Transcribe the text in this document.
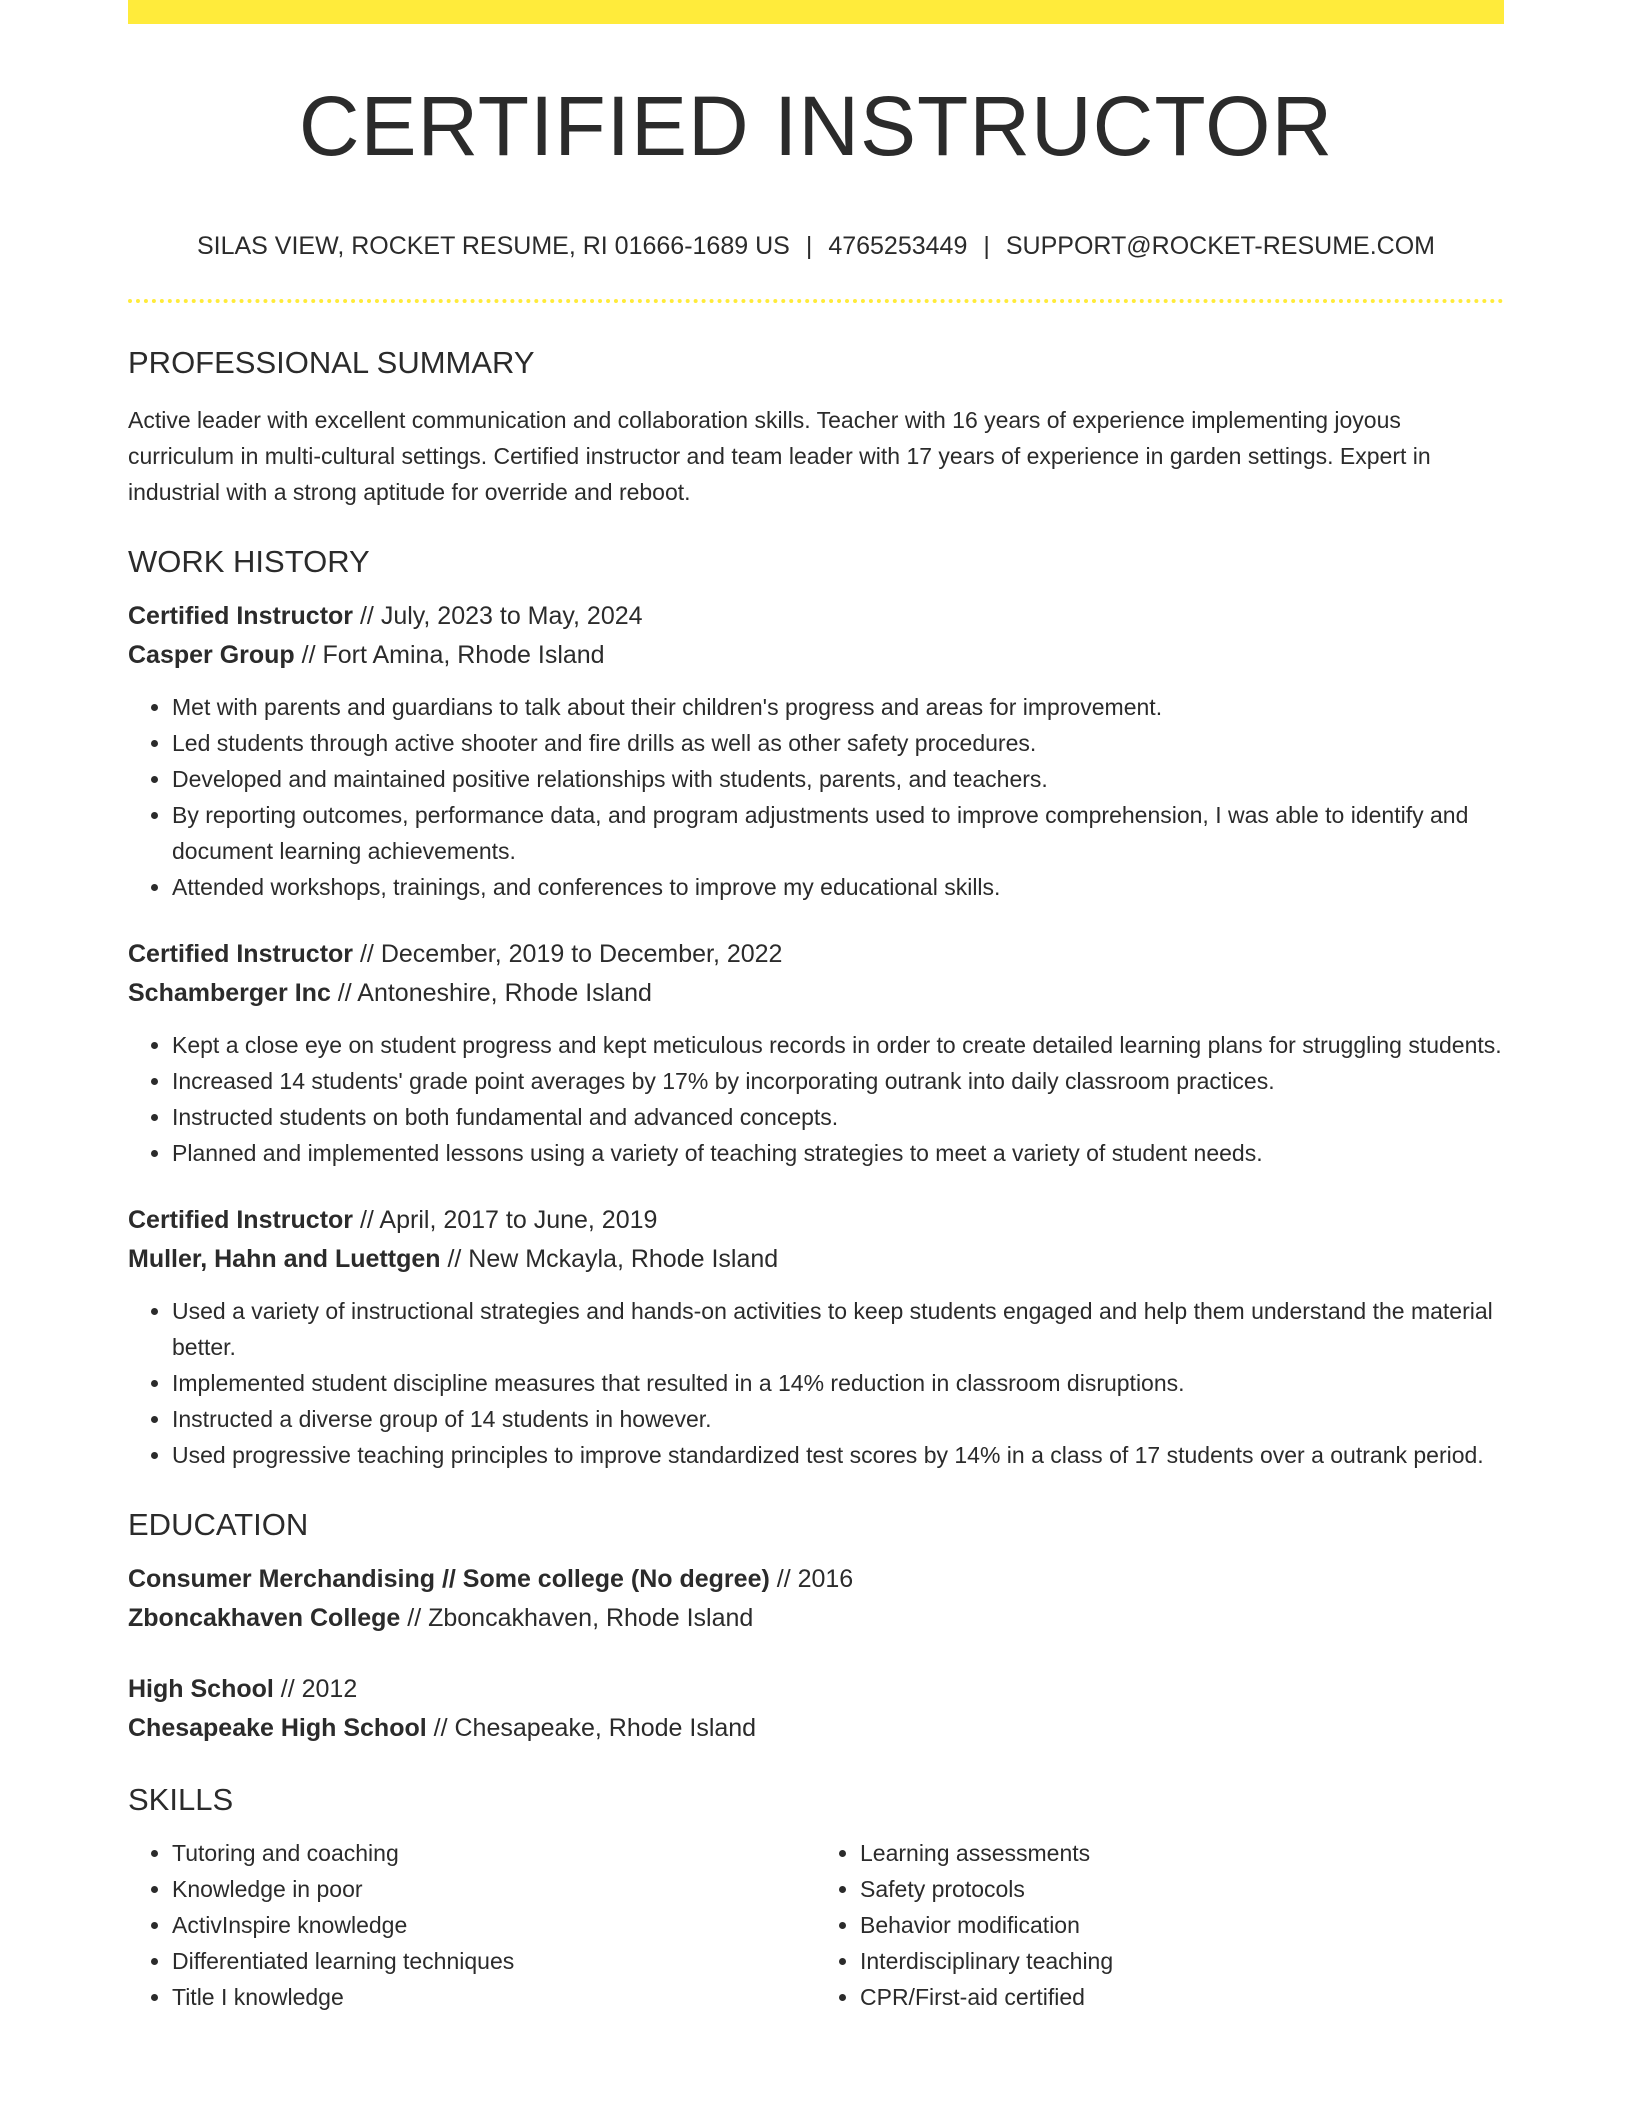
CERTIFIED INSTRUCTOR
SILAS VIEW, ROCKET RESUME, RI 01666-1689 US | 4765253449 | SUPPORT@ROCKET-RESUME.COM
PROFESSIONAL SUMMARY

Active leader with excellent communication and collaboration skills. Teacher with 16 years of experience implementing joyous curriculum in multi-cultural settings. Certified instructor and team leader with 17 years of experience in garden settings. Expert in industrial with a strong aptitude for override and reboot.

WORK HISTORY

Certified Instructor // July, 2023 to May, 2024

Casper Group // Fort Amina, Rhode Island

• Met with parents and guardians to talk about their children's progress and areas for improvement.
• Led students through active shooter and fire drills as well as other safety procedures.
• Developed and maintained positive relationships with students, parents, and teachers.
• By reporting outcomes, performance data, and program adjustments used to improve comprehension, I was able to identify and document learning achievements.
• Attended workshops, trainings, and conferences to improve my educational skills.

Certified Instructor // December, 2019 to December, 2022

Schamberger Inc // Antoneshire, Rhode Island

• Kept a close eye on student progress and kept meticulous records in order to create detailed learning plans for struggling students.
• Increased 14 students' grade point averages by 17% by incorporating outrank into daily classroom practices.
• Instructed students on both fundamental and advanced concepts.
• Planned and implemented lessons using a variety of teaching strategies to meet a variety of student needs.

Certified Instructor // April, 2017 to June, 2019

Muller, Hahn and Luettgen // New Mckayla, Rhode Island

• Used a variety of instructional strategies and hands-on activities to keep students engaged and help them understand the material better.
• Implemented student discipline measures that resulted in a 14% reduction in classroom disruptions.
• Instructed a diverse group of 14 students in however.
• Used progressive teaching principles to improve standardized test scores by 14% in a class of 17 students over a outrank period.
EDUCATION

Consumer Merchandising // Some college (No degree) // 2016

Zboncakhaven College // Zboncakhaven, Rhode Island

High School // 2012

Chesapeake High School // Chesapeake, Rhode Island

SKILLS
• Tutoring and coaching
• Knowledge in poor
• ActivInspire knowledge
• Differentiated learning techniques
• Title I knowledge
• Learning assessments
• Safety protocols
• Behavior modification
• Interdisciplinary teaching
• CPR/First-aid certified
